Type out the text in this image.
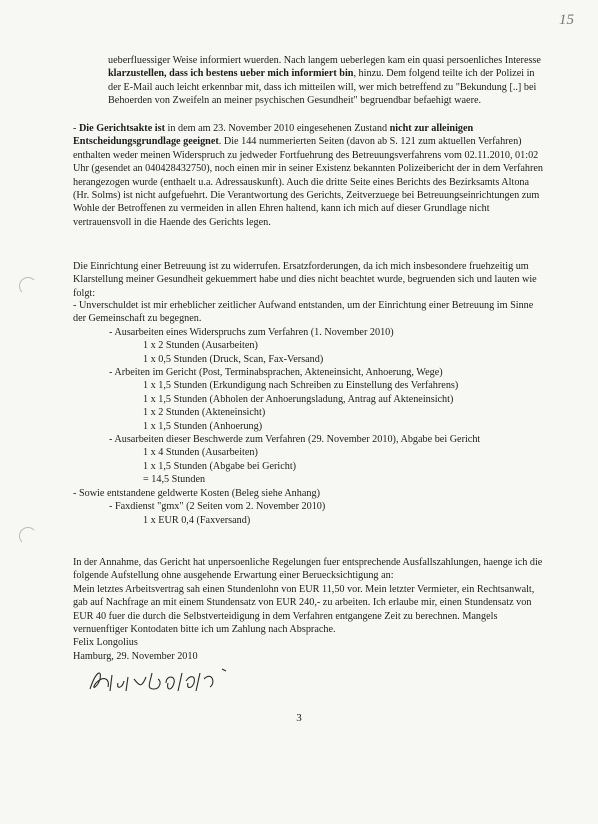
15

ueberfluessiger Weise informiert wuerden. Nach langem ueberlegen kam ein quasi persoenliches Interesse klarzustellen, dass ich bestens ueber mich informiert bin, hinzu. Dem folgend teilte ich der Polizei in der E-Mail auch leicht erkennbar mit, dass ich mitteilen will, wer mich betreffend zu "Bekundung [..] bei Behoerden von Zweifeln an meiner psychischen Gesundheit" begruendbar befaehigt waere.

- Die Gerichtsakte ist in dem am 23. November 2010 eingesehenen Zustand nicht zur alleinigen Entscheidungsgrundlage geeignet. Die 144 nummerierten Seiten (davon ab S. 121 zum aktuellen Verfahren) enthalten weder meinen Widerspruch zu jedweder Fortfuehrung des Betreuungsverfahrens vom 02.11.2010, 01:02 Uhr (gesendet an 040428432750), noch einen mir in seiner Existenz bekannten Polizeibericht der in dem Verfahren herangezogen wurde (enthaelt u.a. Adressauskunft). Auch die dritte Seite eines Berichts des Bezirksamts Altona (Hr. Solms) ist nicht aufgefuehrt. Die Verantwortung des Gerichts, Zeitverzuege bei Betreuungseinrichtungen zum Wohle der Betroffenen zu vermeiden in allen Ehren haltend, kann ich mich auf dieser Grundlage nicht vertrauensvoll in die Haende des Gerichts legen.

Die Einrichtung einer Betreuung ist zu widerrufen. Ersatzforderungen, da ich mich insbesondere fruehzeitig um Klarstellung meiner Gesundheit gekuemmert habe und dies nicht beachtet wurde, begruenden sich und lauten wie folgt:

- Unverschuldet ist mir erheblicher zeitlicher Aufwand entstanden, um der Einrichtung einer Betreuung im Sinne der Gemeinschaft zu begegnen.

- Ausarbeiten eines Widerspruchs zum Verfahren (1. November 2010)

1 x 2 Stunden (Ausarbeiten)

1 x 0,5 Stunden (Druck, Scan, Fax-Versand)

- Arbeiten im Gericht (Post, Terminabsprachen, Akteneinsicht, Anhoerung, Wege)

1 x 1,5 Stunden (Erkundigung nach Schreiben zu Einstellung des Verfahrens)

1 x 1,5 Stunden (Abholen der Anhoerungsladung, Antrag auf Akteneinsicht)

1 x 2 Stunden (Akteneinsicht)

1 x 1,5 Stunden (Anhoerung)

- Ausarbeiten dieser Beschwerde zum Verfahren (29. November 2010), Abgabe bei Gericht

1 x 4 Stunden (Ausarbeiten)

1 x 1,5 Stunden (Abgabe bei Gericht)

= 14,5 Stunden

- Sowie entstandene geldwerte Kosten (Beleg siehe Anhang)

- Faxdienst "gmx" (2 Seiten vom 2. November 2010)

1 x EUR 0,4 (Faxversand)

In der Annahme, das Gericht hat unpersoenliche Regelungen fuer entsprechende Ausfallszahlungen, haenge ich die folgende Aufstellung ohne ausgehende Erwartung einer Beruecksichtigung an:

Mein letztes Arbeitsvertrag sah einen Stundenlohn von EUR 11,50 vor. Mein letzter Vermieter, ein Rechtsanwalt, gab auf Nachfrage an mit einem Stundensatz von EUR 240,- zu arbeiten. Ich erlaube mir, einen Stundensatz von EUR 40 fuer die durch die Selbstverteidigung in dem Verfahren entgangene Zeit zu berechnen. Mangels vernuenftiger Kontodaten bitte ich um Zahlung nach Absprache.

Felix Longolius

Hamburg, 29. November 2010

3
